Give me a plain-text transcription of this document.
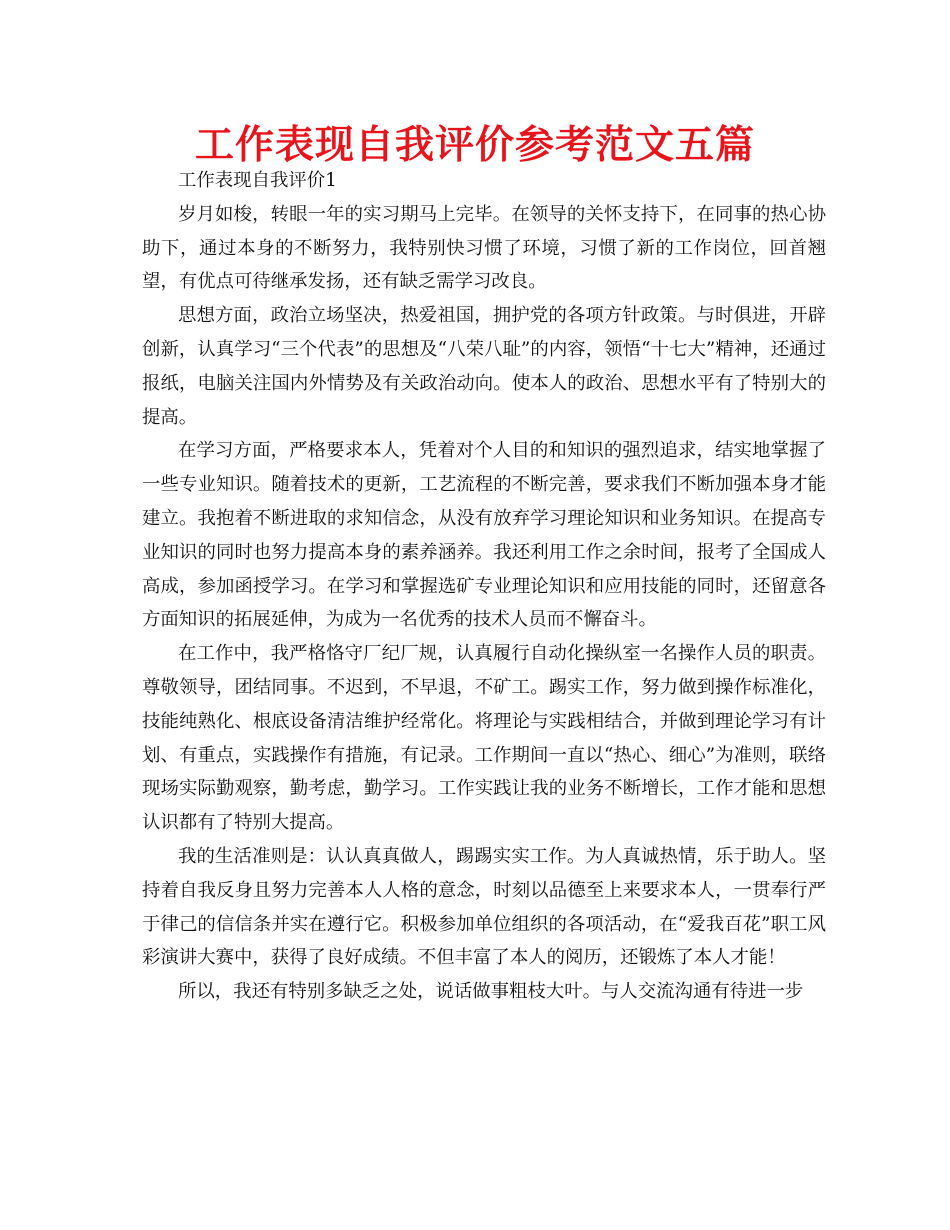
工作表现自我评价参考范文五篇

工作表现自我评价1

岁月如梭，转眼一年的实习期马上完毕。在领导的关怀支持下，在同事的热心协助下，通过本身的不断努力，我特别快习惯了环境，习惯了新的工作岗位，回首翘望，有优点可待继承发扬，还有缺乏需学习改良。

思想方面，政治立场坚决，热爱祖国，拥护党的各项方针政策。与时俱进，开辟创新，认真学习“三个代表”的思想及“八荣八耻”的内容，领悟“十七大”精神，还通过报纸，电脑关注国内外情势及有关政治动向。使本人的政治、思想水平有了特别大的提高。

在学习方面，严格要求本人，凭着对个人目的和知识的强烈追求，结实地掌握了一些专业知识。随着技术的更新，工艺流程的不断完善，要求我们不断加强本身才能建立。我抱着不断进取的求知信念，从没有放弃学习理论知识和业务知识。在提高专业知识的同时也努力提高本身的素养涵养。我还利用工作之余时间，报考了全国成人高成，参加函授学习。在学习和掌握选矿专业理论知识和应用技能的同时，还留意各方面知识的拓展延伸，为成为一名优秀的技术人员而不懈奋斗。

在工作中，我严格恪守厂纪厂规，认真履行自动化操纵室一名操作人员的职责。尊敬领导，团结同事。不迟到，不早退，不矿工。踢实工作，努力做到操作标准化，技能纯熟化、根底设备清洁维护经常化。将理论与实践相结合，并做到理论学习有计划、有重点，实践操作有措施，有记录。工作期间一直以“热心、细心”为准则，联络现场实际勤观察，勤考虑，勤学习。工作实践让我的业务不断增长，工作才能和思想认识都有了特别大提高。

我的生活准则是：认认真真做人，踢踢实实工作。为人真诚热情，乐于助人。坚持着自我反身且努力完善本人人格的意念，时刻以品德至上来要求本人，一贯奉行严于律己的信信条并实在遵行它。积极参加单位组织的各项活动，在“爱我百花”职工风彩演讲大赛中，获得了良好成绩。不但丰富了本人的阅历，还锻炼了本人才能！

所以，我还有特别多缺乏之处，说话做事粗枝大叶。与人交流沟通有待进一步
